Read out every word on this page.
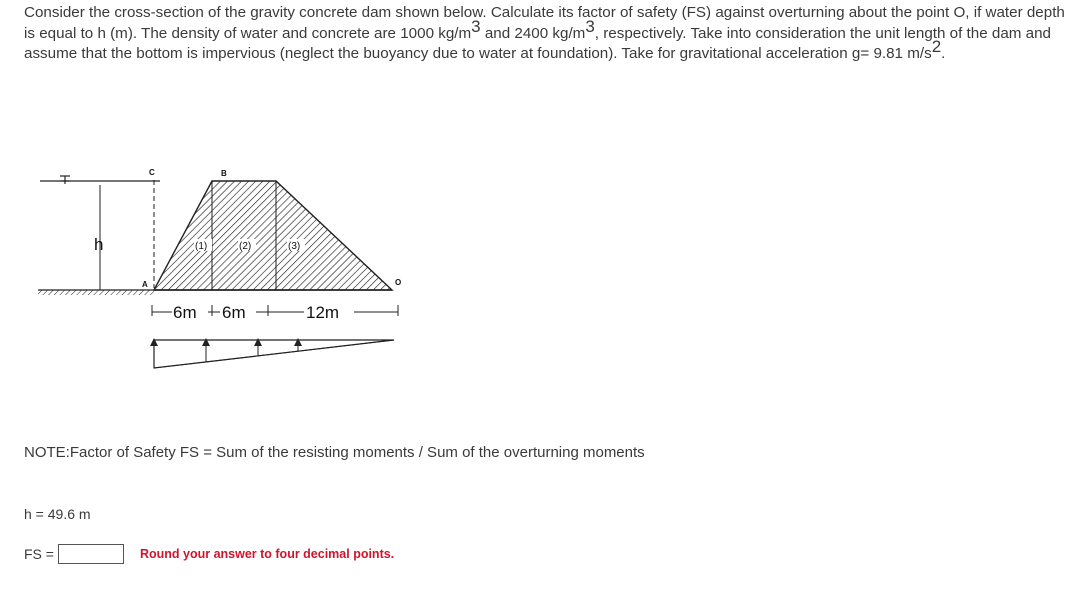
Consider the cross-section of the gravity concrete dam shown below. Calculate its factor of safety (FS) against overturning about the point O, if water depth is equal to h (m). The density of water and concrete are 1000 $kg/m^3$ and 2400 $kg/m^3$, respectively. Take into consideration the unit length of the dam and assume that the bottom is impervious (neglect the buoyancy due to water at foundation). Take for gravitational acceleration g= 9.81 $m/s^2$.
h	(1)	(2)	(3)
C	B
A	O
6m 6m	12m
NOTE:Factor of Safety FS = Sum of the resisting moments / Sum of the overturning moments
h = 49.6 m
FS =	Round your answer to four decimal points.
